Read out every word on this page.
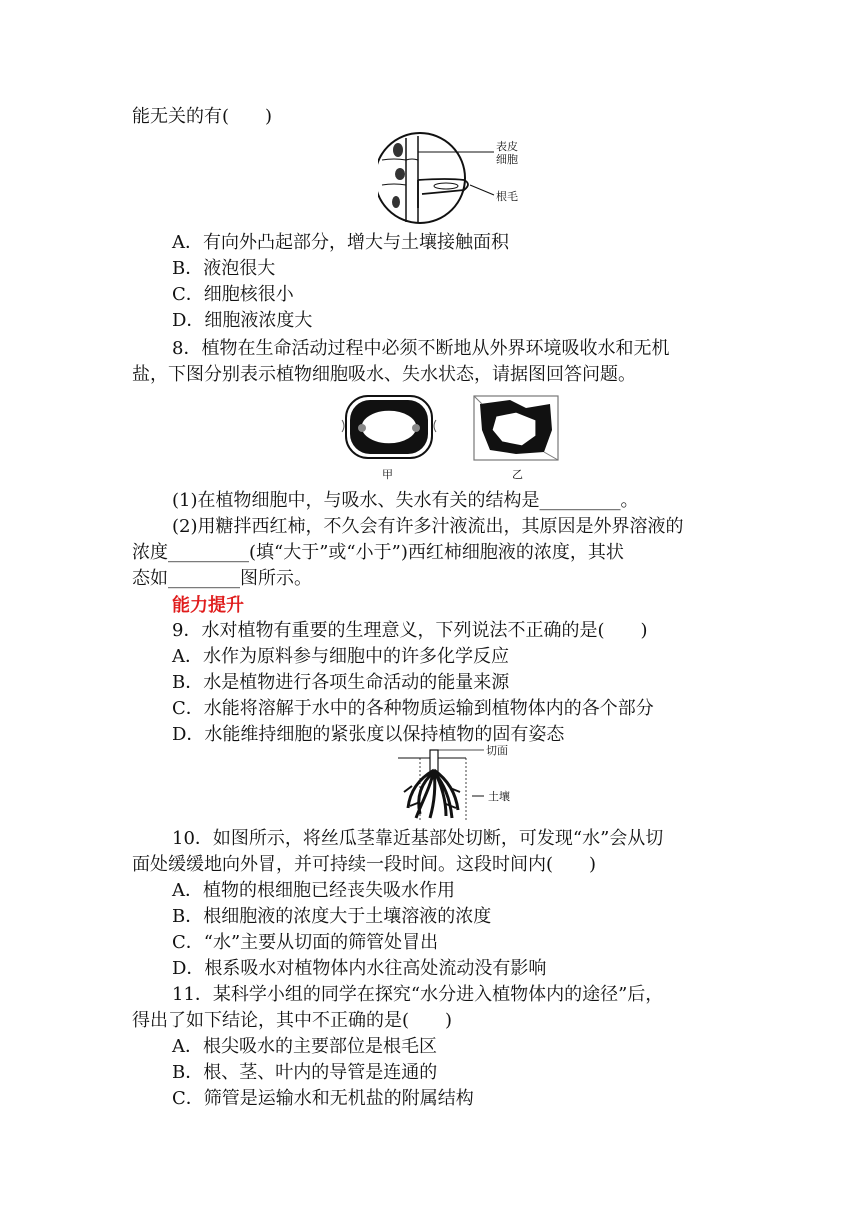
能无关的有(　　)
表皮
细胞
根毛
A．有向外凸起部分，增大与土壤接触面积
B．液泡很大
C．细胞核很小
D．细胞液浓度大
8．植物在生命活动过程中必须不断地从外界环境吸收水和无机
盐，下图分别表示植物细胞吸水、失水状态，请据图回答问题。
甲	乙
(1)在植物细胞中，与吸水、失水有关的结构是_________。
(2)用糖拌西红柿，不久会有许多汁液流出，其原因是外界溶液的
浓度_________(填“大于”或“小于”)西红柿细胞液的浓度，其状
态如________图所示。
能力提升
9．水对植物有重要的生理意义，下列说法不正确的是(　　)
A．水作为原料参与细胞中的许多化学反应
B．水是植物进行各项生命活动的能量来源
C．水能将溶解于水中的各种物质运输到植物体内的各个部分
D．水能维持细胞的紧张度以保持植物的固有姿态
切面
土壤
10．如图所示，将丝瓜茎靠近基部处切断，可发现“水”会从切
面处缓缓地向外冒，并可持续一段时间。这段时间内(　　)
A．植物的根细胞已经丧失吸水作用
B．根细胞液的浓度大于土壤溶液的浓度
C．“水”主要从切面的筛管处冒出
D．根系吸水对植物体内水往高处流动没有影响
11．某科学小组的同学在探究“水分进入植物体内的途径”后，
得出了如下结论，其中不正确的是(　　)
A．根尖吸水的主要部位是根毛区
B．根、茎、叶内的导管是连通的
C．筛管是运输水和无机盐的附属结构
